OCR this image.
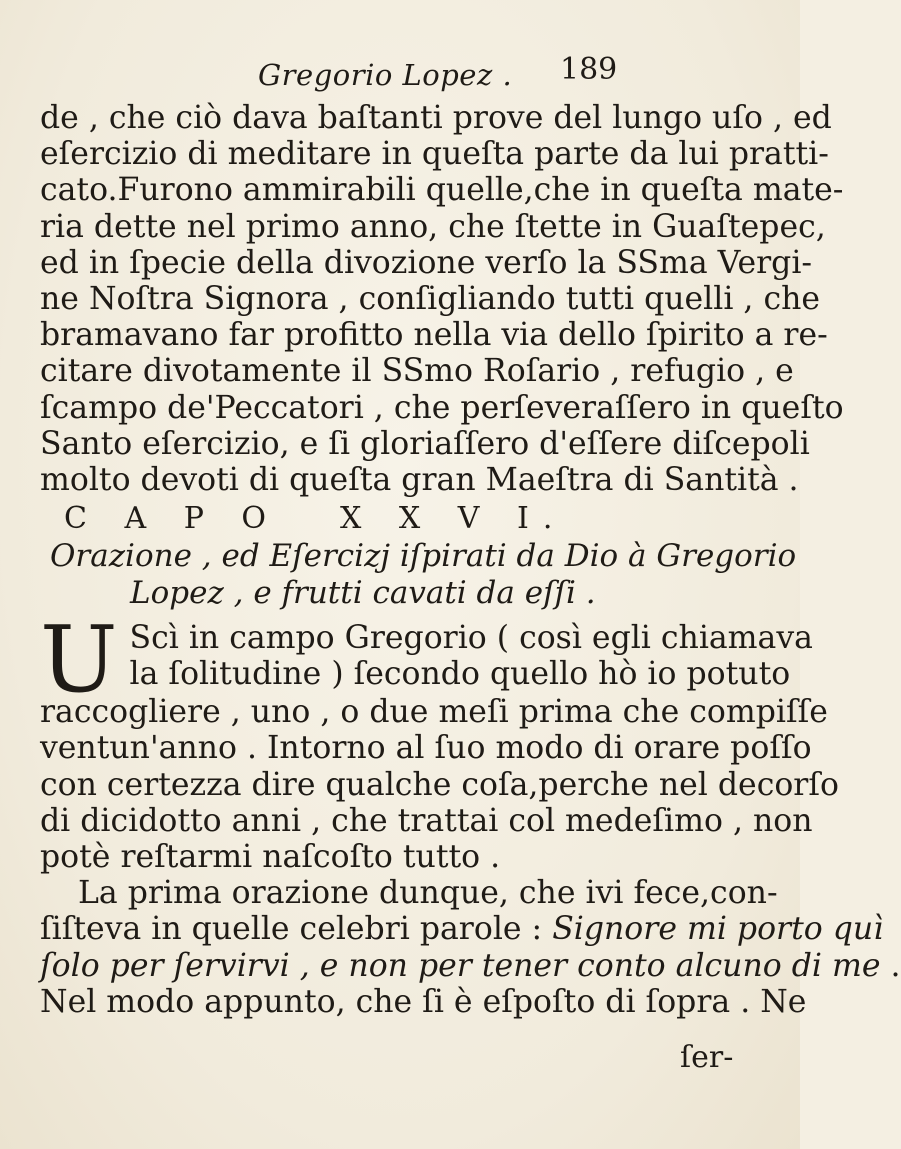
Gregorio Lopez . 189
de , che ciò dava baſtanti prove del lungo uſo , ed
eſercizio di meditare in queſta parte da lui pratti-
cato.Furono ammirabili quelle,che in queſta mate-
ria dette nel primo anno, che ſtette in Guaſtepec,
ed in ſpecie della divozione verſo la SSma Vergi-
ne Noſtra Signora , conſigliando tutti quelli , che
bramavano far profitto nella via dello ſpirito a re-
citare divotamente il SSmo Roſario , refugio , e
ſcampo de'Peccatori , che perſeveraſſero in queſto
Santo eſercizio, e ſi gloriaſſero d'eſſere diſcepoli
molto devoti di queſta gran Maeſtra di Santità .
C A P O X X V I.
Orazione , ed Eſercizj iſpirati da Dio à Gregorio
Lopez , e frutti cavati da eſſi .
U Scì in campo Gregorio ( così egli chiamava
la ſolitudine ) ſecondo quello hò io potuto
raccogliere , uno , o due meſi prima che compiſſe
ventun'anno . Intorno al ſuo modo di orare poſſo
con certezza dire qualche coſa,perche nel decorſo
di dicidotto anni , che trattai col medeſimo , non
potè reſtarmi naſcoſto tutto .
La prima orazione dunque, che ivi fece,con-
ſiſteva in quelle celebri parole : Signore mi porto quì
ſolo per ſervirvi , e non per tener conto alcuno di me .
Nel modo appunto, che ſi è eſpoſto di ſopra . Ne
ſer-
